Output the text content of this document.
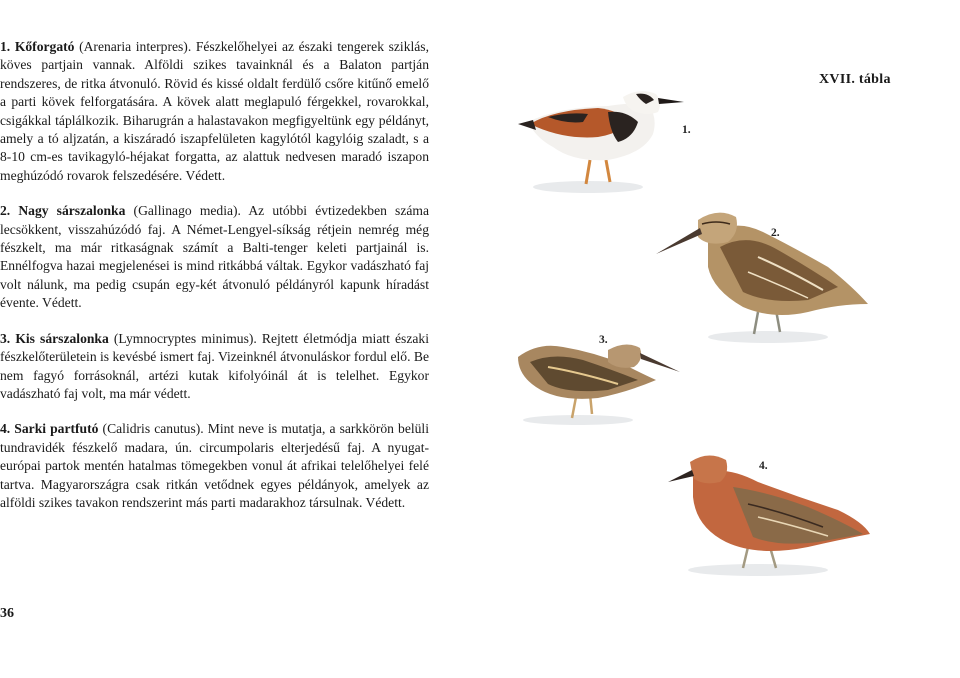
1. Kőforgató (Arenaria interpres). Fészkelőhelyei az északi tengerek sziklás, köves partjain vannak. Alföldi szikes tavainknál és a Balaton partján rendszeres, de ritka átvonuló. Rövid és kissé oldalt ferdülő csőre kitűnő emelő a parti kövek felforgatására. A kövek alatt meglapuló férgekkel, rovarokkal, csigákkal táplálkozik. Biharugrán a halastavakon megfigyeltünk egy példányt, amely a tó aljzatán, a kiszáradó iszapfelületen kagylótól kagylóig szaladt, s a 8-10 cm-es tavikagyló-héjakat forgatta, az alattuk nedvesen maradó iszapon meghúzódó rovarok felszedésére. Védett.

2. Nagy sárszalonka (Gallinago media). Az utóbbi évtizedekben száma lecsökkent, visszahúzódó faj. A Német-Lengyel-síkság rétjein nemrég még fészkelt, ma már ritkaságnak számít a Balti-tenger keleti partjainál is. Ennélfogva hazai megjelenései is mind ritkábbá váltak. Egykor vadászható faj volt nálunk, ma pedig csupán egy-két átvonuló példányról kapunk híradást évente. Védett.

3. Kis sárszalonka (Lymnocryptes minimus). Rejtett életmódja miatt északi fészkelőterületein is kevésbé ismert faj. Vizeinknél átvonuláskor fordul elő. Be nem fagyó forrásoknál, artézi kutak kifolyóinál át is telelhet. Egykor vadászható faj volt, ma már védett.

4. Sarki partfutó (Calidris canutus). Mint neve is mutatja, a sarkkörön belüli tundravidék fészkelő madara, ún. circumpolaris elterjedésű faj. A nyugat-európai partok mentén hatalmas tömegekben vonul át afrikai telelőhelyei felé tartva. Magyarországra csak ritkán vetődnek egyes példányok, amelyek az alföldi szikes tavakon rendszerint más parti madarakhoz társulnak. Védett.

36
XVII. tábla
1.
2.
3.
4.
